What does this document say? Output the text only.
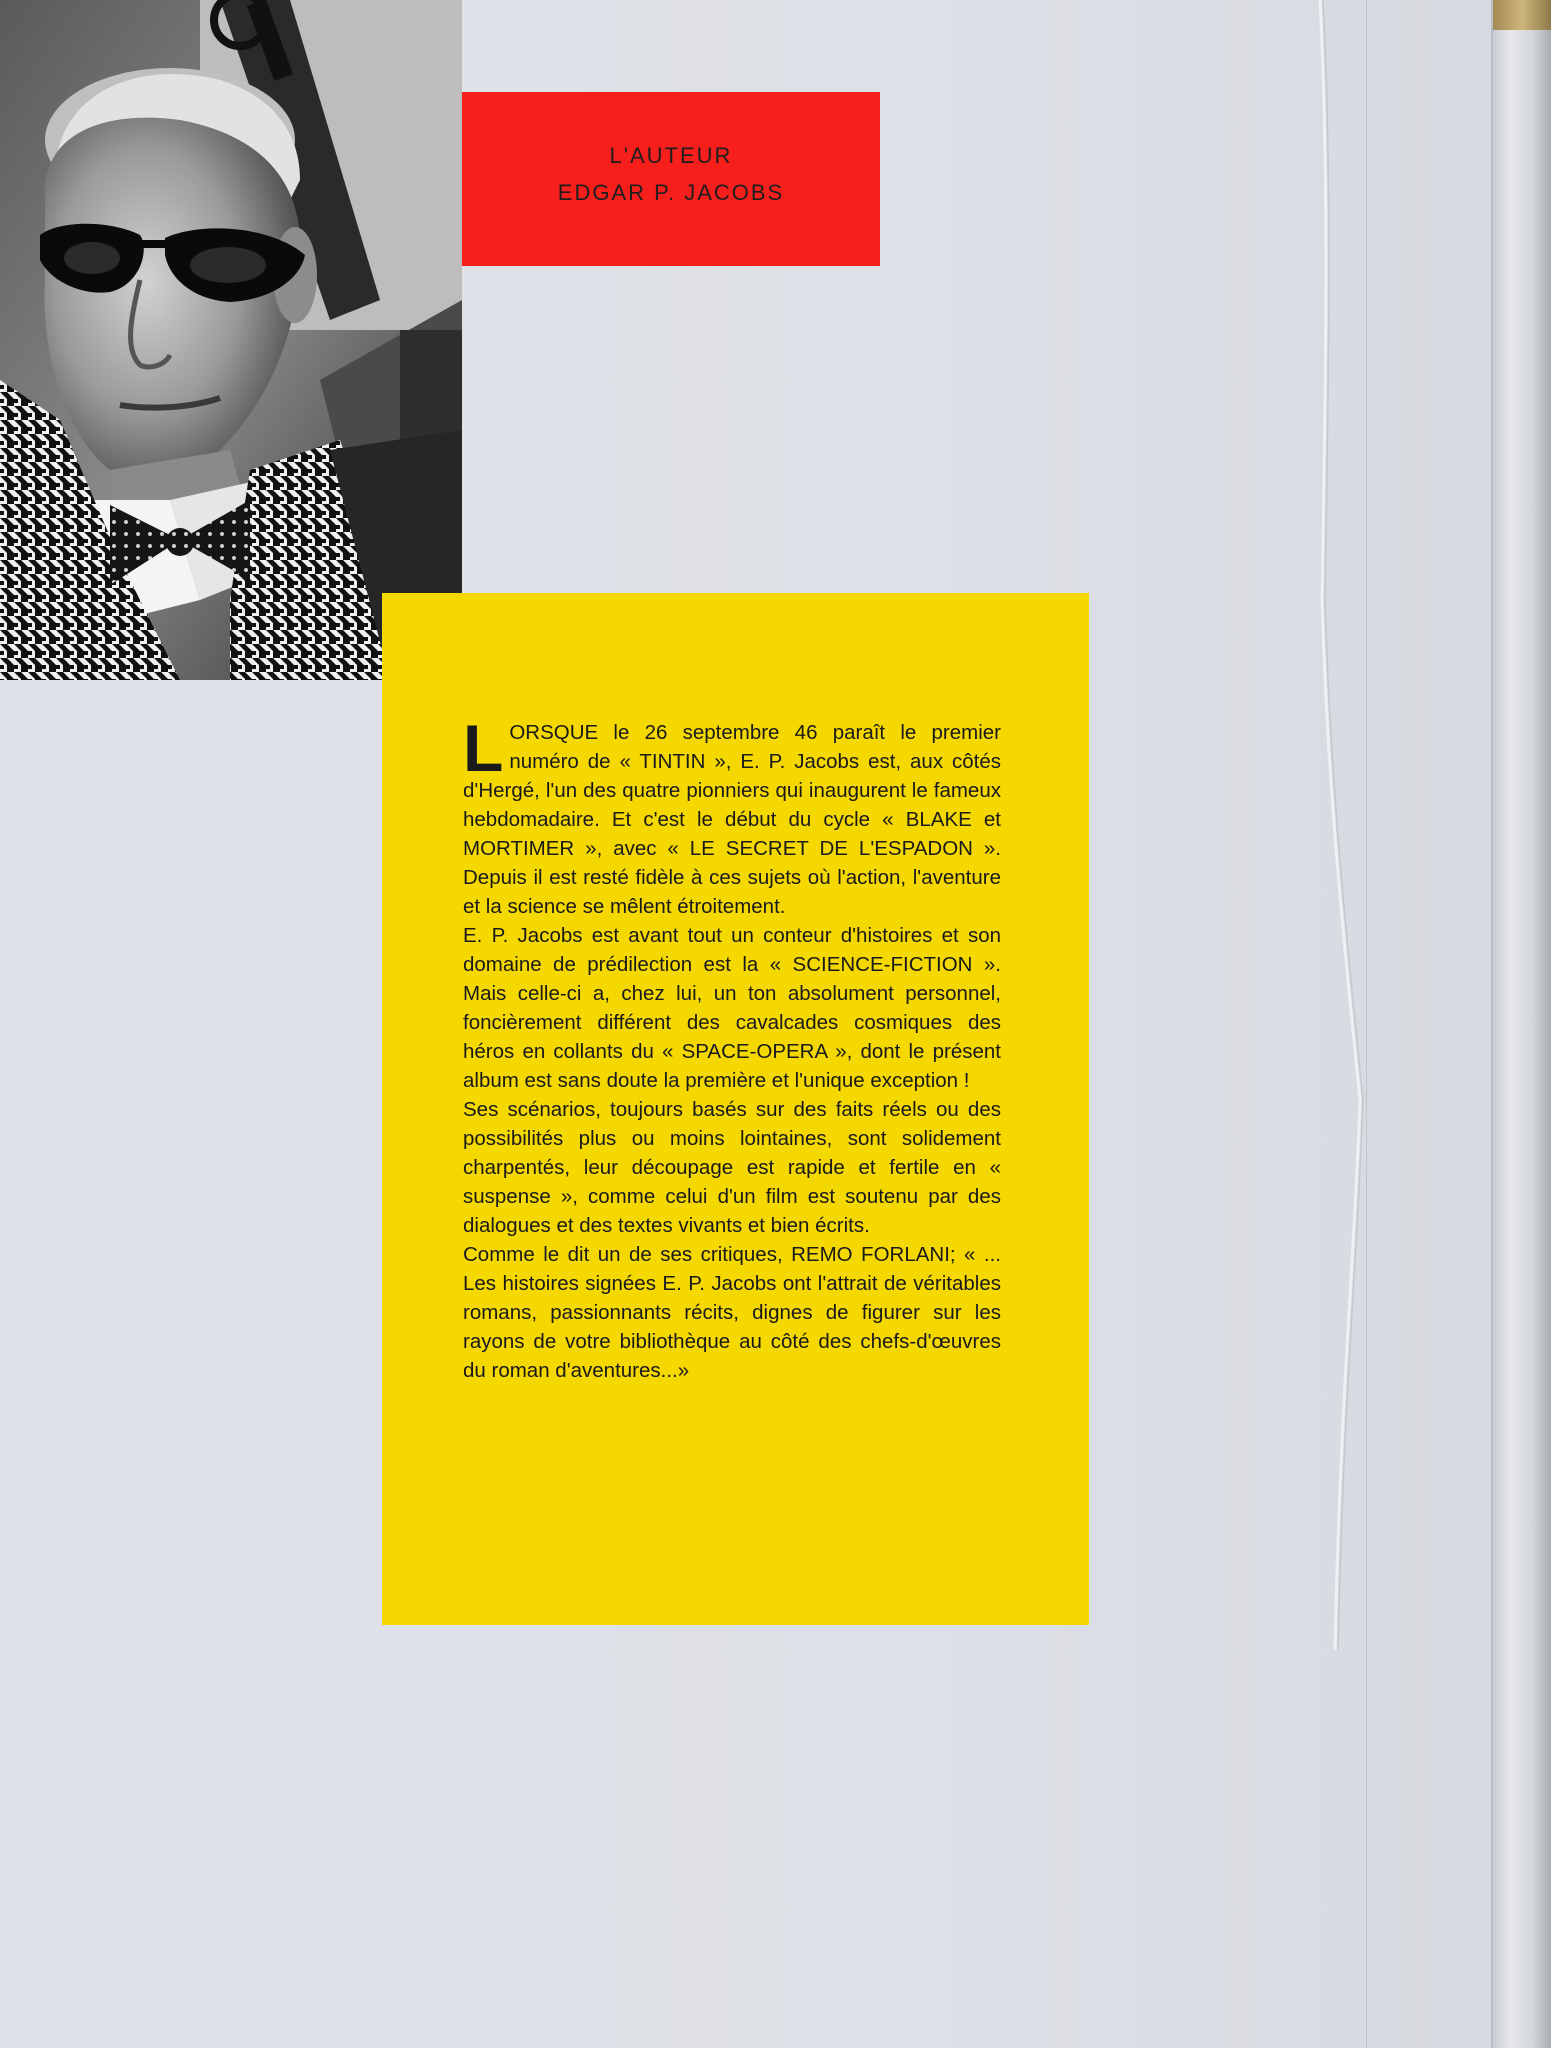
L'AUTEUR
EDGAR P. JACOBS

LORSQUE le 26 septembre 46 paraît le premier numéro de « TINTIN », E. P. Jacobs est, aux côtés d'Hergé, l'un des quatre pionniers qui inaugurent le fameux hebdomadaire. Et c'est le début du cycle « BLAKE et MORTIMER », avec « LE SECRET DE L'ESPADON ». Depuis il est resté fidèle à ces sujets où l'action, l'aventure et la science se mêlent étroitement.

E. P. Jacobs est avant tout un conteur d'histoires et son domaine de prédilection est la « SCIENCE-FICTION ». Mais celle-ci a, chez lui, un ton absolument personnel, foncièrement différent des cavalcades cosmiques des héros en collants du « SPACE-OPERA », dont le présent album est sans doute la première et l'unique exception !

Ses scénarios, toujours basés sur des faits réels ou des possibilités plus ou moins lointaines, sont solidement charpentés, leur découpage est rapide et fertile en « suspense », comme celui d'un film est soutenu par des dialogues et des textes vivants et bien écrits.

Comme le dit un de ses critiques, REMO FORLANI; « ... Les histoires signées E. P. Jacobs ont l'attrait de véritables romans, passionnants récits, dignes de figurer sur les rayons de votre bibliothèque au côté des chefs-d'œuvres du roman d'aventures...»
